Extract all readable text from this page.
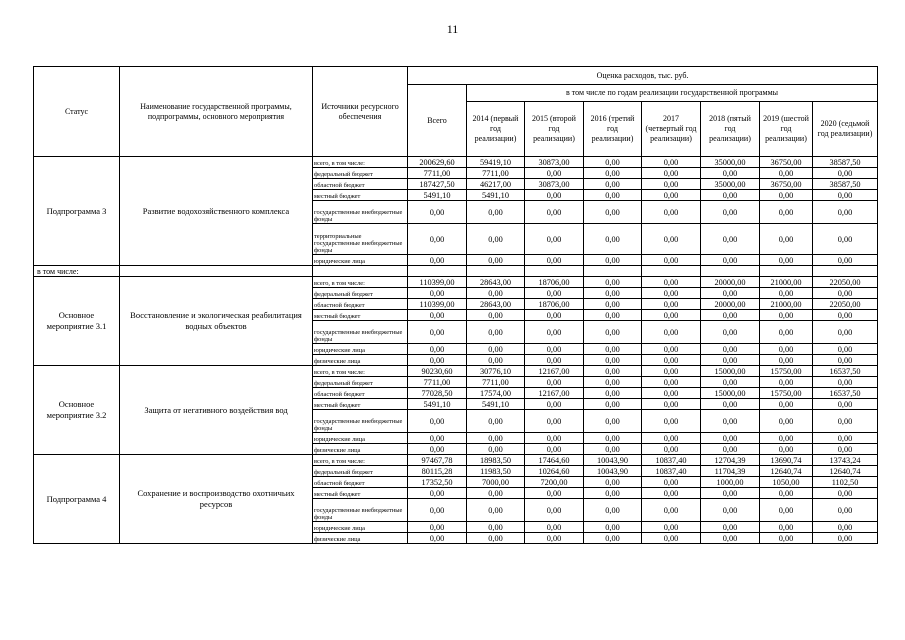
11
Статус	Наименование государственной программы, подпрограммы, основного мероприятия	Источники ресурсного обеспечения	Оценка расходов, тыс. руб.							
			Всего	в том числе по годам реализации государственной программы						
				2014 (первый год реализации)	2015 (второй год реализации)	2016 (третий год реализации)	2017 (четвертый год реализации)	2018 (пятый год реализации)	2019 (шестой год реализации)	2020 (седьмой год реализации)
Подпрограмма 3	Развитие водохозяйственного комплекса	всего, в том числе:	200629,60	59419,10	30873,00	0,00	0,00	35000,00	36750,00	38587,50
		федеральный бюджет	7711,00	7711,00	0,00	0,00	0,00	0,00	0,00	0,00
		областной бюджет	187427,50	46217,00	30873,00	0,00	0,00	35000,00	36750,00	38587,50
		местный бюджет	5491,10	5491,10	0,00	0,00	0,00	0,00	0,00	0,00
		государственные внебюджетные фонды	0,00	0,00	0,00	0,00	0,00	0,00	0,00	0,00
		территориальные государственные внебюджетные фонды	0,00	0,00	0,00	0,00	0,00	0,00	0,00	0,00
		юридические лица	0,00	0,00	0,00	0,00	0,00	0,00	0,00	0,00
в том числе:										
Основное мероприятие 3.1	Восстановление и экологическая реабилитация водных объектов	всего, в том числе:	110399,00	28643,00	18706,00	0,00	0,00	20000,00	21000,00	22050,00
		федеральный бюджет	0,00	0,00	0,00	0,00	0,00	0,00	0,00	0,00
		областной бюджет	110399,00	28643,00	18706,00	0,00	0,00	20000,00	21000,00	22050,00
		местный бюджет	0,00	0,00	0,00	0,00	0,00	0,00	0,00	0,00
		государственные внебюджетные фонды	0,00	0,00	0,00	0,00	0,00	0,00	0,00	0,00
		юридические лица	0,00	0,00	0,00	0,00	0,00	0,00	0,00	0,00
		физические лица	0,00	0,00	0,00	0,00	0,00	0,00	0,00	0,00
Основное мероприятие 3.2	Защита от негативного воздействия вод	всего, в том числе:	90230,60	30776,10	12167,00	0,00	0,00	15000,00	15750,00	16537,50
		федеральный бюджет	7711,00	7711,00	0,00	0,00	0,00	0,00	0,00	0,00
		областной бюджет	77028,50	17574,00	12167,00	0,00	0,00	15000,00	15750,00	16537,50
		местный бюджет	5491,10	5491,10	0,00	0,00	0,00	0,00	0,00	0,00
		государственные внебюджетные фонды	0,00	0,00	0,00	0,00	0,00	0,00	0,00	0,00
		юридические лица	0,00	0,00	0,00	0,00	0,00	0,00	0,00	0,00
		физические лица	0,00	0,00	0,00	0,00	0,00	0,00	0,00	0,00
Подпрограмма 4	Сохранение и воспроизводство охотничьих ресурсов	всего, в том числе:	97467,78	18983,50	17464,60	10043,90	10837,40	12704,39	13690,74	13743,24
		федеральный бюджет	80115,28	11983,50	10264,60	10043,90	10837,40	11704,39	12640,74	12640,74
		областной бюджет	17352,50	7000,00	7200,00	0,00	0,00	1000,00	1050,00	1102,50
		местный бюджет	0,00	0,00	0,00	0,00	0,00	0,00	0,00	0,00
		государственные внебюджетные фонды	0,00	0,00	0,00	0,00	0,00	0,00	0,00	0,00
		юридические лица	0,00	0,00	0,00	0,00	0,00	0,00	0,00	0,00
		физические лица	0,00	0,00	0,00	0,00	0,00	0,00	0,00	0,00
